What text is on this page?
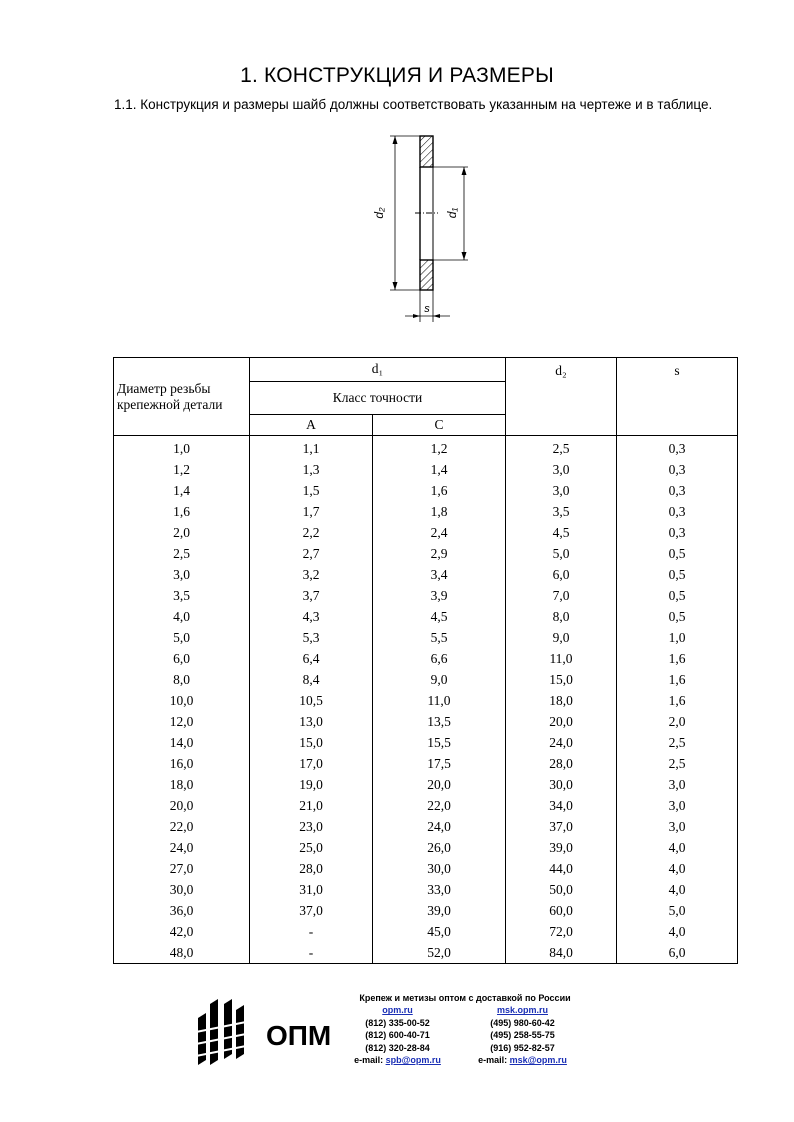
1. КОНСТРУКЦИЯ И РАЗМЕРЫ
1.1. Конструкция и размеры шайб должны соответствовать указанным на чертеже и в таблице.
d₂	d₁
s
Диаметр резьбы крепежной детали	d₁		d₂	s
	Класс точности			
	А	С		
1,0	1,1	1,2	2,5	0,3
1,2	1,3	1,4	3,0	0,3
1,4	1,5	1,6	3,0	0,3
1,6	1,7	1,8	3,5	0,3
2,0	2,2	2,4	4,5	0,3
2,5	2,7	2,9	5,0	0,5
3,0	3,2	3,4	6,0	0,5
3,5	3,7	3,9	7,0	0,5
4,0	4,3	4,5	8,0	0,5
5,0	5,3	5,5	9,0	1,0
6,0	6,4	6,6	11,0	1,6
8,0	8,4	9,0	15,0	1,6
10,0	10,5	11,0	18,0	1,6
12,0	13,0	13,5	20,0	2,0
14,0	15,0	15,5	24,0	2,5
16,0	17,0	17,5	28,0	2,5
18,0	19,0	20,0	30,0	3,0
20,0	21,0	22,0	34,0	3,0
22,0	23,0	24,0	37,0	3,0
24,0	25,0	26,0	39,0	4,0
27,0	28,0	30,0	44,0	4,0
30,0	31,0	33,0	50,0	4,0
36,0	37,0	39,0	60,0	5,0
42,0	-	45,0	72,0	4,0
48,0	-	52,0	84,0	6,0
ОПМ
Крепеж и метизы оптом с доставкой по России
opm.ru
(812) 335-00-52
(812) 600-40-71
(812) 320-28-84
e-mail: spb@opm.ru
msk.opm.ru
(495) 980-60-42
(495) 258-55-75
(916) 952-82-57
e-mail: msk@opm.ru
